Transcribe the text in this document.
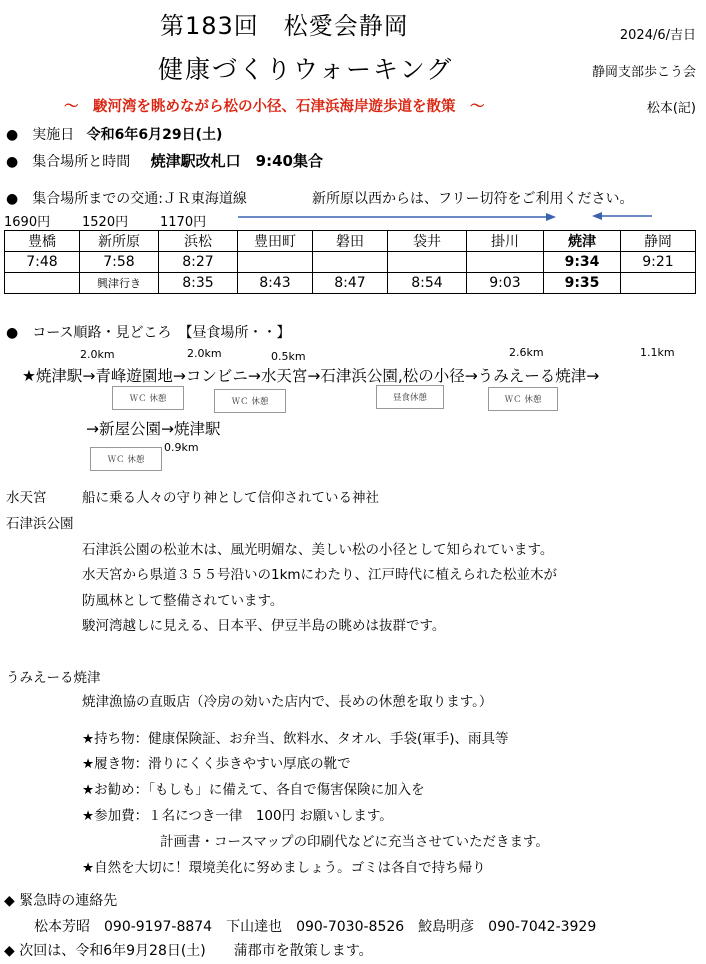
第183回　松愛会静岡
健康づくりウォーキング
2024/6/吉日
静岡支部歩こう会
～　駿河湾を眺めながら松の小径、石津浜海岸遊歩道を散策　～	松本(記)
●　実施日 令和6年6月29日(土)
●　集合場所と時間 焼津駅改札口　9:40集合
●　集合場所までの交通:ＪＲ東海道線	新所原以西からは、フリー切符をご利用ください。
1690円 1520円 1170円
豊橋	新所原	浜松	豊田町	磐田	袋井	掛川	焼津	静岡
7:48	7:58	8:27					9:34	9:21
	興津行き	8:35	8:43	8:47	8:54	9:03	9:35	
●　コース順路・見どころ　【昼食場所・・】
2.0km	2.0km	0.5km	2.6km	1.1km
★焼津駅→青峰遊園地→コンビニ→水天宮→石津浜公園,松の小径→うみえーる焼津→
ＷＣ 休憩	ＷＣ 休憩	昼食休憩	ＷＣ 休憩
→新屋公園→焼津駅
ＷＣ 休憩
0.9km
水天宮	船に乗る人々の守り神として信仰されている神社
石津浜公園
石津浜公園の松並木は、風光明媚な、美しい松の小径として知られています。
水天宮から県道３５５号沿いの1kmにわたり、江戸時代に植えられた松並木が
防風林として整備されています。
駿河湾越しに見える、日本平、伊豆半島の眺めは抜群です。
うみえーる焼津
焼津漁協の直販店（冷房の効いた店内で、長めの休憩を取ります。）
★持ち物：健康保険証、お弁当、飲料水、タオル、手袋(軍手)、雨具等
★履き物：滑りにくく歩きやすい厚底の靴で
★お勧め：「もしも」に備えて、各自で傷害保険に加入を
★参加費：１名につき一律　100円 お願いします。
計画書・コースマップの印刷代などに充当させていただきます。
★自然を大切に！環境美化に努めましょう。ゴミは各自で持ち帰り
◆ 緊急時の連絡先
松本芳昭　090-9197-8874　下山達也　090-7030-8526　鮫島明彦　090-7042-3929
◆ 次回は、令和6年9月28日(土)　　蒲郡市を散策します。
